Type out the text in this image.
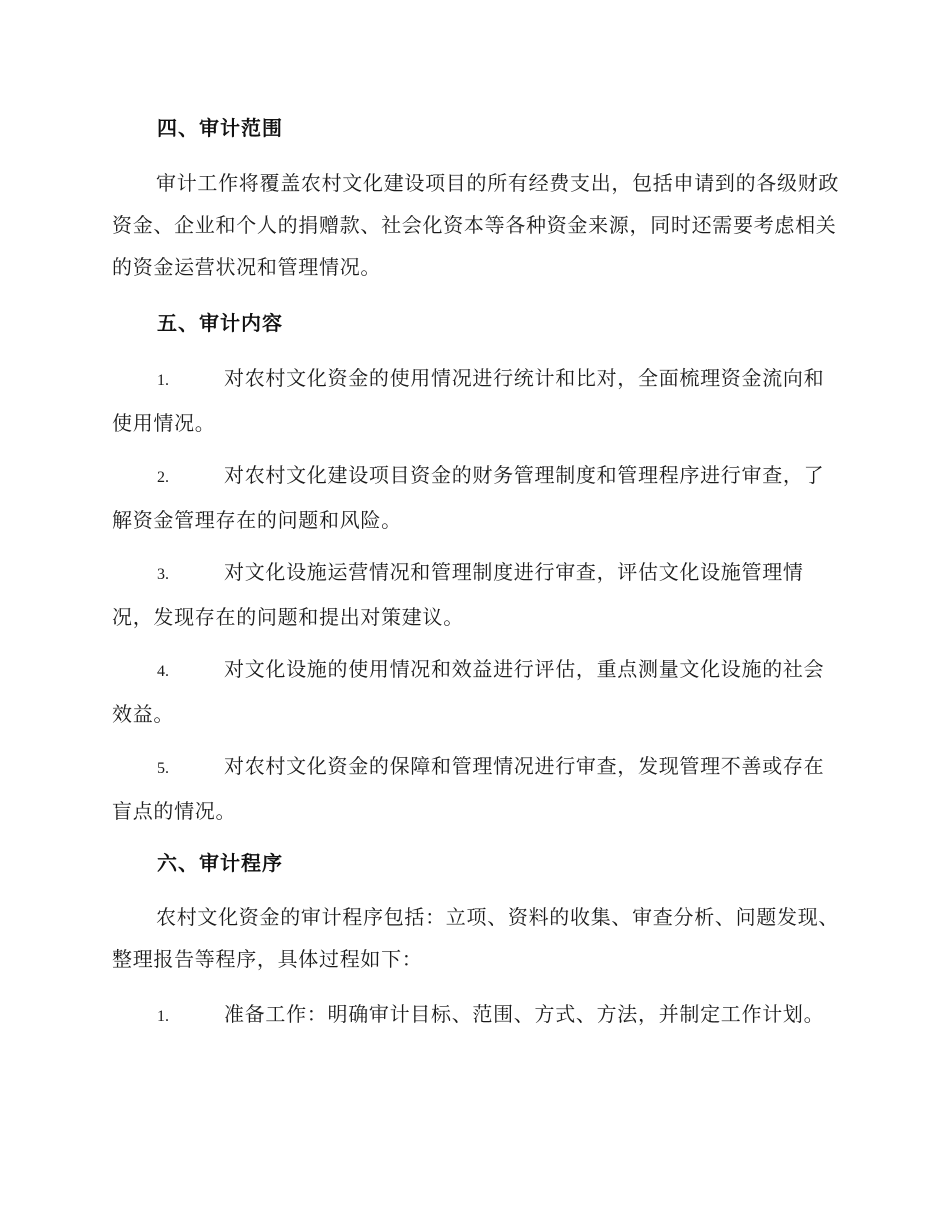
四、审计范围
审计工作将覆盖农村文化建设项目的所有经费支出，包括申请到的各级财政资金、企业和个人的捐赠款、社会化资本等各种资金来源，同时还需要考虑相关的资金运营状况和管理情况。
五、审计内容
1.	对农村文化资金的使用情况进行统计和比对，全面梳理资金流向和使用情况。
2.	对农村文化建设项目资金的财务管理制度和管理程序进行审查，了解资金管理存在的问题和风险。
3.	对文化设施运营情况和管理制度进行审查，评估文化设施管理情况，发现存在的问题和提出对策建议。
4.	对文化设施的使用情况和效益进行评估，重点测量文化设施的社会效益。
5.	对农村文化资金的保障和管理情况进行审查，发现管理不善或存在盲点的情况。
六、审计程序
农村文化资金的审计程序包括：立项、资料的收集、审查分析、问题发现、整理报告等程序，具体过程如下：
1.	准备工作：明确审计目标、范围、方式、方法，并制定工作计划。
